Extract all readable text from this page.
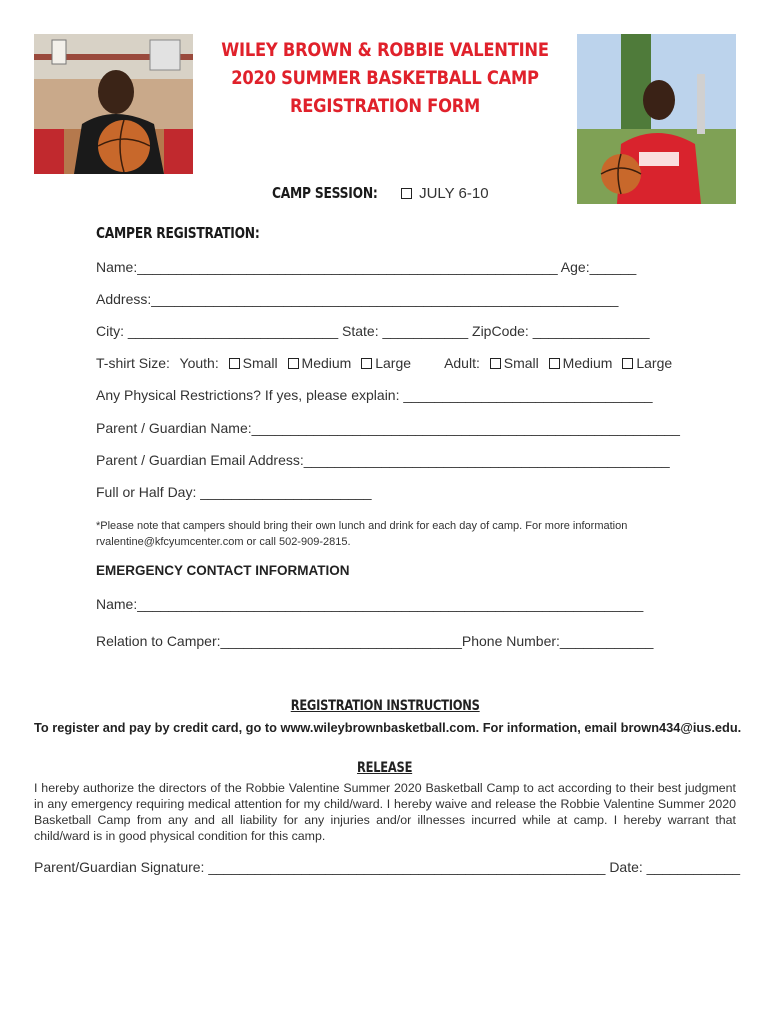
WILEY BROWN & ROBBIE VALENTINE
2020 SUMMER BASKETBALL CAMP
REGISTRATION FORM
CAMP SESSION:	JULY 6-10
CAMPER REGISTRATION:
Name:______________________________________________________ Age:______
Address:____________________________________________________________
City: ___________________________ State: ___________ ZipCode: _______________
T-shirt Size: Youth: Small Medium Large Adult: Small Medium Large
Any Physical Restrictions? If yes, please explain: ________________________________
Parent / Guardian Name:_______________________________________________________
Parent / Guardian Email Address:_______________________________________________
Full or Half Day: ______________________
*Please note that campers should bring their own lunch and drink for each day of camp. For more information
rvalentine@kfcyumcenter.com or call 502-909-2815.
EMERGENCY CONTACT INFORMATION
Name:_________________________________________________________________
Relation to Camper:_______________________________Phone Number:____________
REGISTRATION INSTRUCTIONS
To register and pay by credit card, go to www.wileybrownbasketball.com. For information, email brown434@ius.edu.
RELEASE
I hereby authorize the directors of the Robbie Valentine Summer 2020 Basketball Camp to act according to their best judgment in any emergency requiring medical attention for my child/ward. I hereby waive and release the Robbie Valentine Summer 2020 Basketball Camp from any and all liability for any injuries and/or illnesses incurred while at camp. I hereby warrant that child/ward is in good physical condition for this camp.
Parent/Guardian Signature: ___________________________________________________ Date: ____________
